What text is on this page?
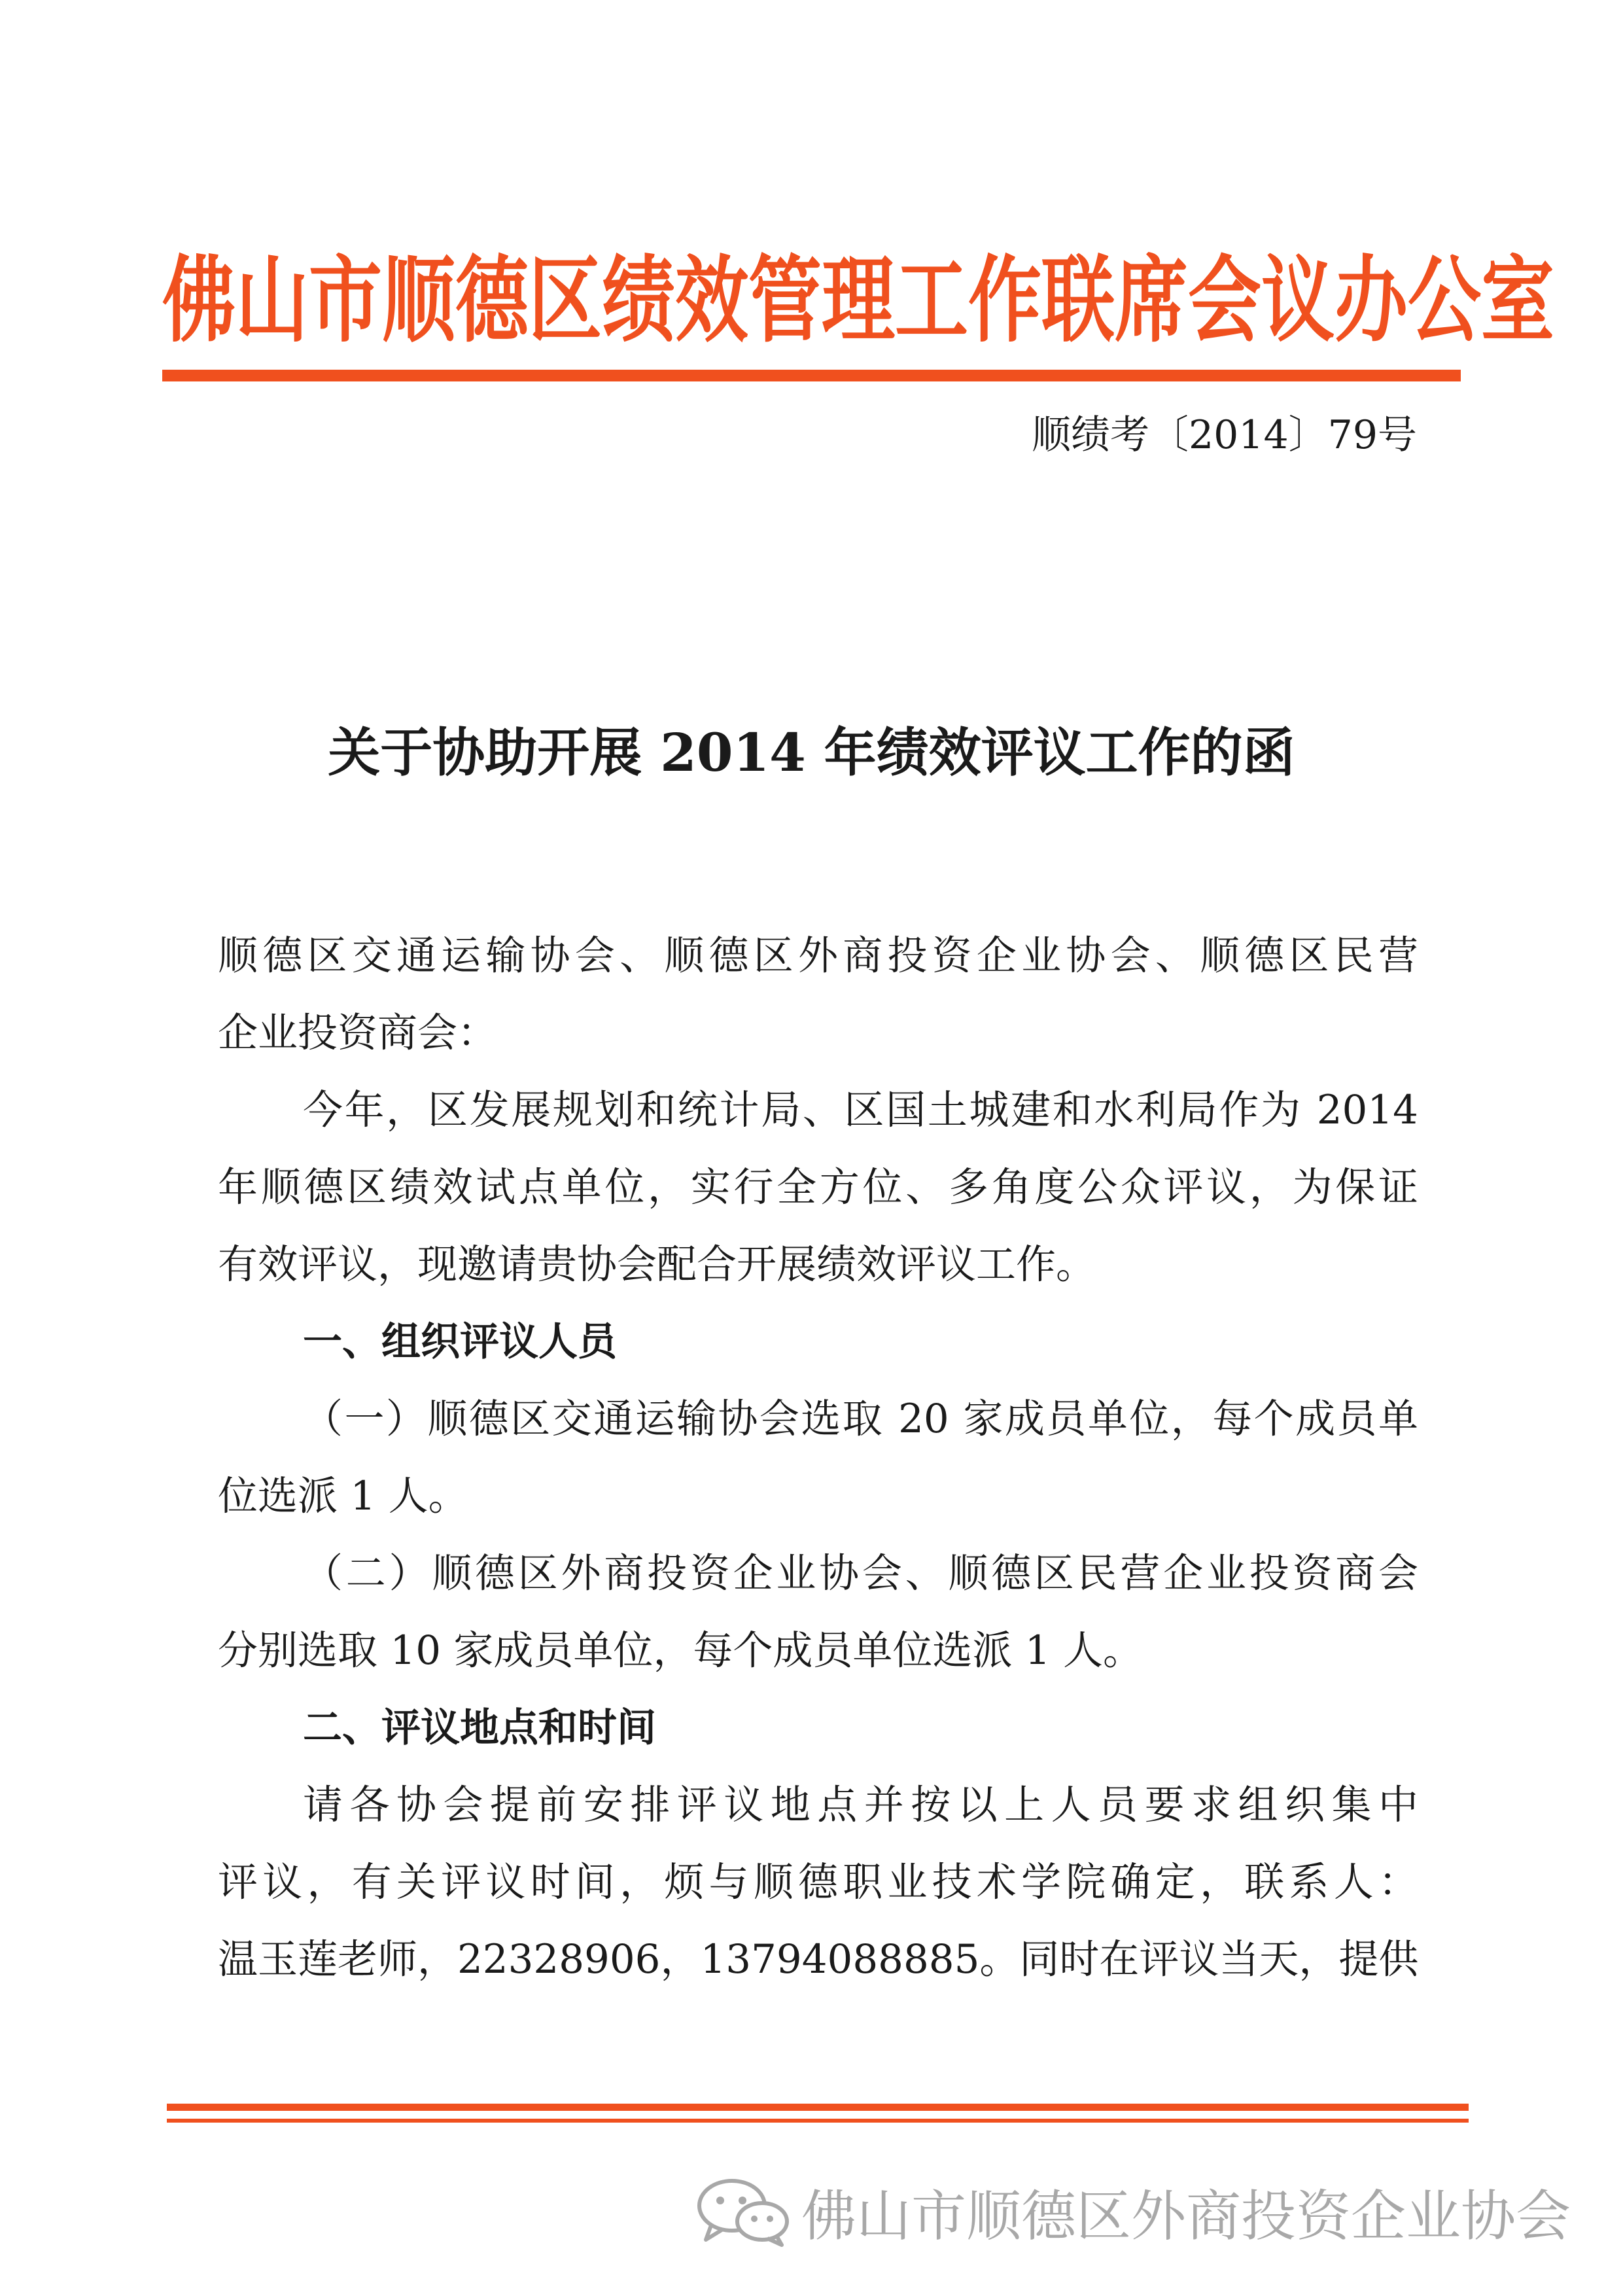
佛山市顺德区绩效管理工作联席会议办公室
顺绩考〔2014〕79号
关于协助开展 2014 年绩效评议工作的函
顺德区交通运输协会、顺德区外商投资企业协会、顺德区民营
企业投资商会：
今年，区发展规划和统计局、区国土城建和水利局作为 2014
年顺德区绩效试点单位，实行全方位、多角度公众评议，为保证
有效评议，现邀请贵协会配合开展绩效评议工作。
一、组织评议人员
（一）顺德区交通运输协会选取 20 家成员单位，每个成员单
位选派 1 人。
（二）顺德区外商投资企业协会、顺德区民营企业投资商会
分别选取 10 家成员单位，每个成员单位选派 1 人。
二、评议地点和时间
请各协会提前安排评议地点并按以上人员要求组织集中
评议，有关评议时间，烦与顺德职业技术学院确定，联系人：
温玉莲老师，22328906，13794088885。同时在评议当天，提供
佛山市顺德区外商投资企业协会
